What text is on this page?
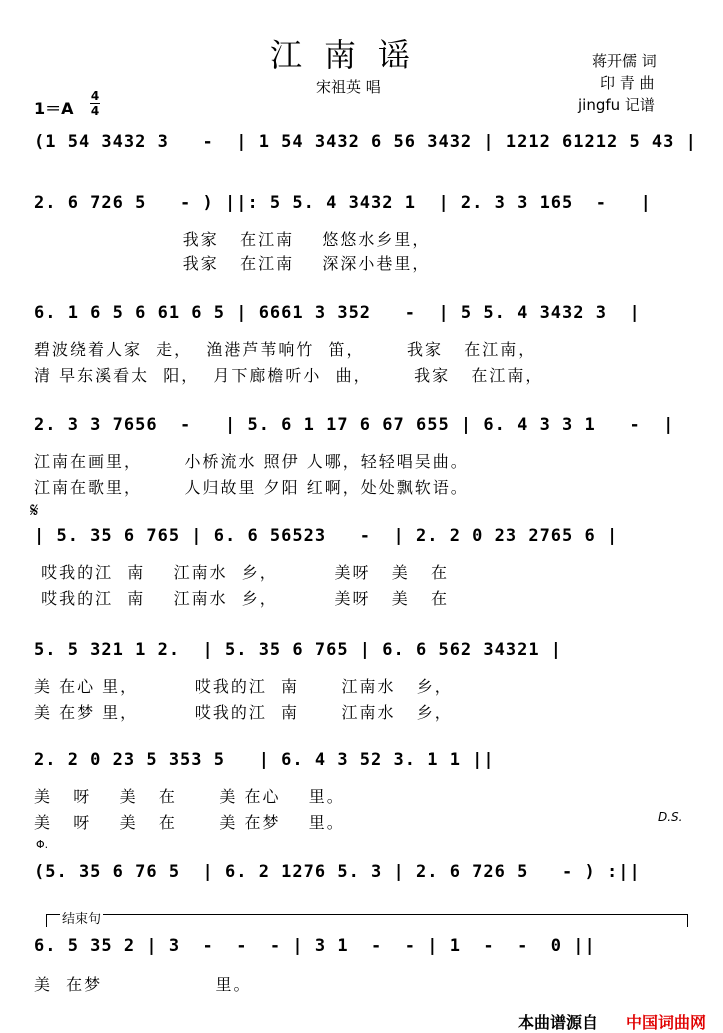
江南谣
宋祖英 唱
蒋开儒 词
印 青 曲
jingfu 记谱
1＝A
4
4
𝄋
D.S.
Φ.
结束句
(1 54 3432 3   -  | 1 54 3432 6 56 3432 | 1212 61212 5 43 |
2. 6 726 5   - ) ||: 5 5. 4 3432 1  | 2. 3 3 165  -   |
我家   在江南    悠悠水乡里，
我家   在江南    深深小巷里，
6. 1 6 5 6 61 6 5 | 6661 3 352   -  | 5 5. 4 3432 3  |
碧波绕着人家  走，  渔港芦苇响竹  笛，      我家   在江南，
清 早东溪看太  阳，  月下廊檐听小  曲，      我家   在江南，
2. 3 3 7656  -   | 5. 6 1 17 6 67 655 | 6. 4 3 3 1   -  |
江南在画里，      小桥流水 照伊 人哪，轻轻唱吴曲。
江南在歌里，      人归故里 夕阳 红啊，处处飘软语。
| 5. 35 6 765 | 6. 6 56523   -  | 2. 2 0 23 2765 6 |
哎我的江  南    江南水  乡，        美呀   美   在
哎我的江  南    江南水  乡，        美呀   美   在
5. 5 321 1 2.  | 5. 35 6 765 | 6. 6 562 34321 |
美 在心 里，        哎我的江  南      江南水   乡，
美 在梦 里，        哎我的江  南      江南水   乡，
2. 2 0 23 5 353 5   | 6. 4 3 52 3. 1 1 ||
美   呀    美   在      美 在心    里。
美   呀    美   在      美 在梦    里。
(5. 35 6 76 5  | 6. 2 1276 5. 3 | 2. 6 726 5   - ) :||
6. 5 35 2 | 3  -  -  - | 3 1  -  - | 1  -  -  0 ||
美  在梦                里。
本曲谱源自 中国词曲网
